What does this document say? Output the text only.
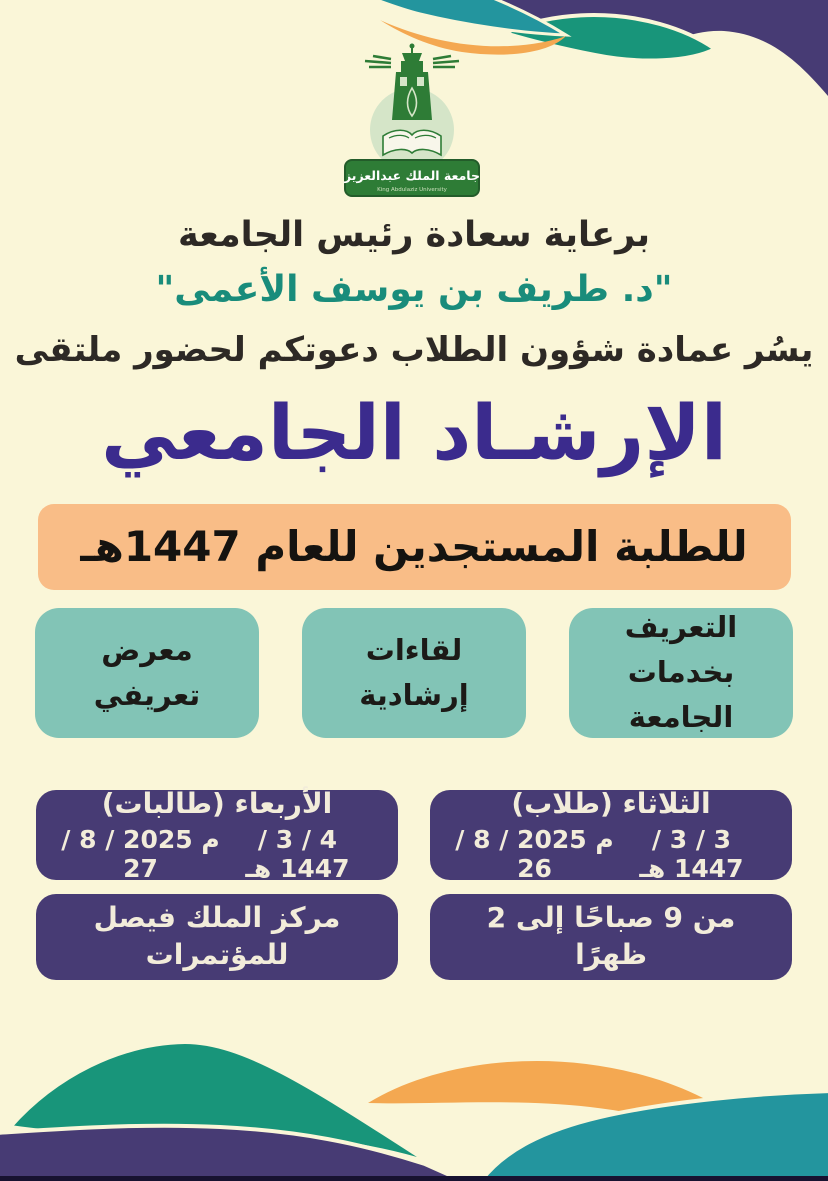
جامعة الملك عبدالعزيز
King Abdulaziz University
برعاية سعادة رئيس الجامعة
"د. طريف بن يوسف الأعمى"
يسُر عمادة شؤون الطلاب دعوتكم لحضور ملتقى
الإرشـاد الجامعي
للطلبة المستجدين للعام 1447هـ
التعريف بخدمات الجامعة
لقاءات إرشادية
معرض تعريفي
الثلاثاء (طلاب)
3 / 3 / 1447 هـ
م 2025 / 8 / 26
الأربعاء (طالبات)
4 / 3 / 1447 هـ
م 2025 / 8 / 27
من 9 صباحًا إلى 2 ظهرًا
مركز الملك فيصل للمؤتمرات
